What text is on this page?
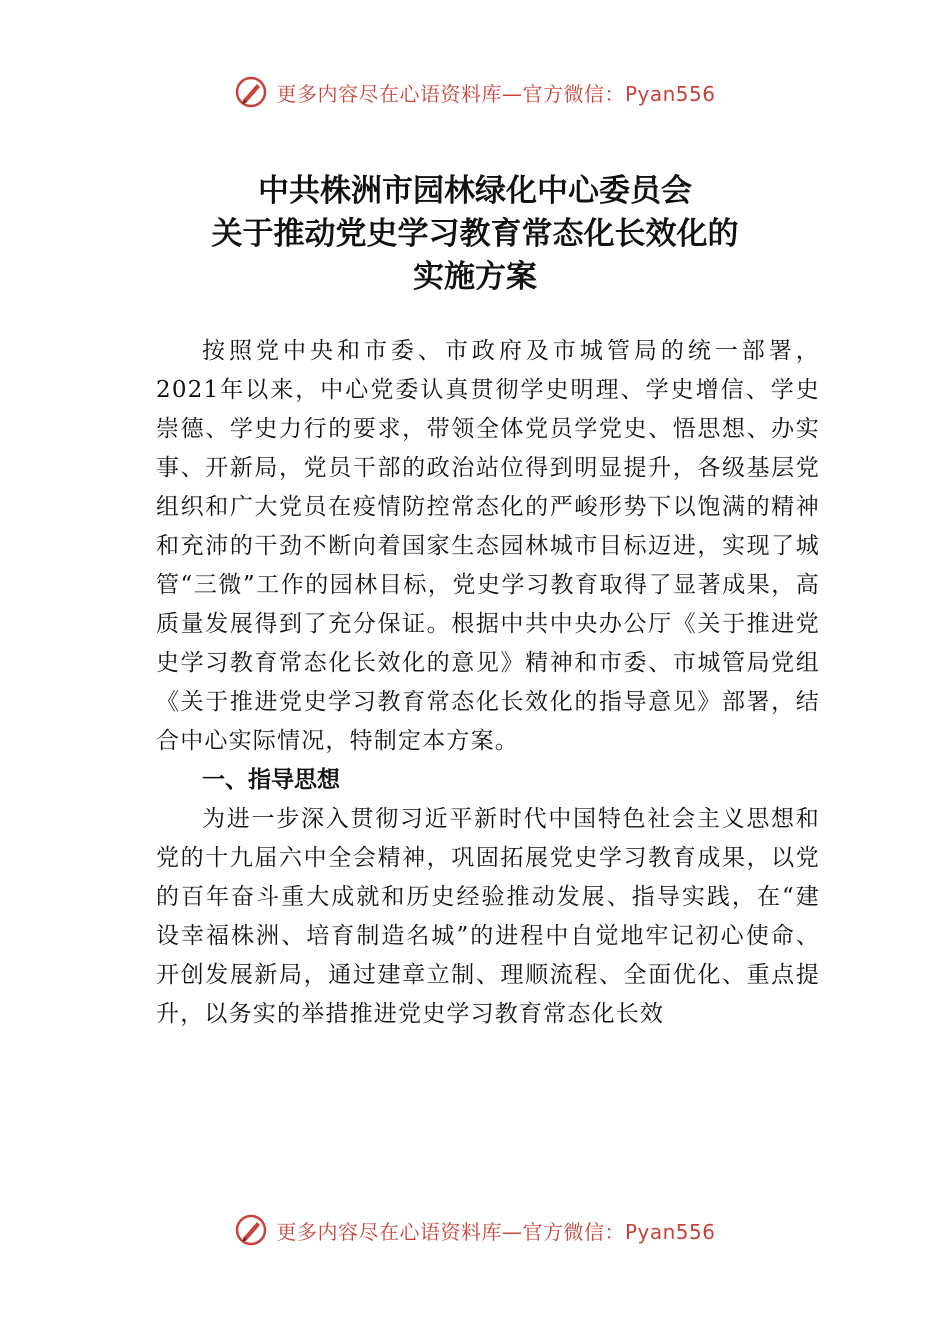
更多内容尽在心语资料库—官方微信：Pyan556
中共株洲市园林绿化中心委员会
关于推动党史学习教育常态化长效化的
实施方案

按照党中央和市委、市政府及市城管局的统一部署，2021年以来，中心党委认真贯彻学史明理、学史增信、学史崇德、学史力行的要求，带领全体党员学党史、悟思想、办实事、开新局，党员干部的政治站位得到明显提升，各级基层党组织和广大党员在疫情防控常态化的严峻形势下以饱满的精神和充沛的干劲不断向着国家生态园林城市目标迈进，实现了城管“三微”工作的园林目标，党史学习教育取得了显著成果，高质量发展得到了充分保证。根据中共中央办公厅《关于推进党史学习教育常态化长效化的意见》精神和市委、市城管局党组《关于推进党史学习教育常态化长效化的指导意见》部署，结合中心实际情况，特制定本方案。

一、指导思想

为进一步深入贯彻习近平新时代中国特色社会主义思想和党的十九届六中全会精神，巩固拓展党史学习教育成果，以党的百年奋斗重大成就和历史经验推动发展、指导实践，在“建设幸福株洲、培育制造名城”的进程中自觉地牢记初心使命、开创发展新局，通过建章立制、理顺流程、全面优化、重点提升，以务实的举措推进党史学习教育常态化长效

更多内容尽在心语资料库—官方微信：Pyan556
